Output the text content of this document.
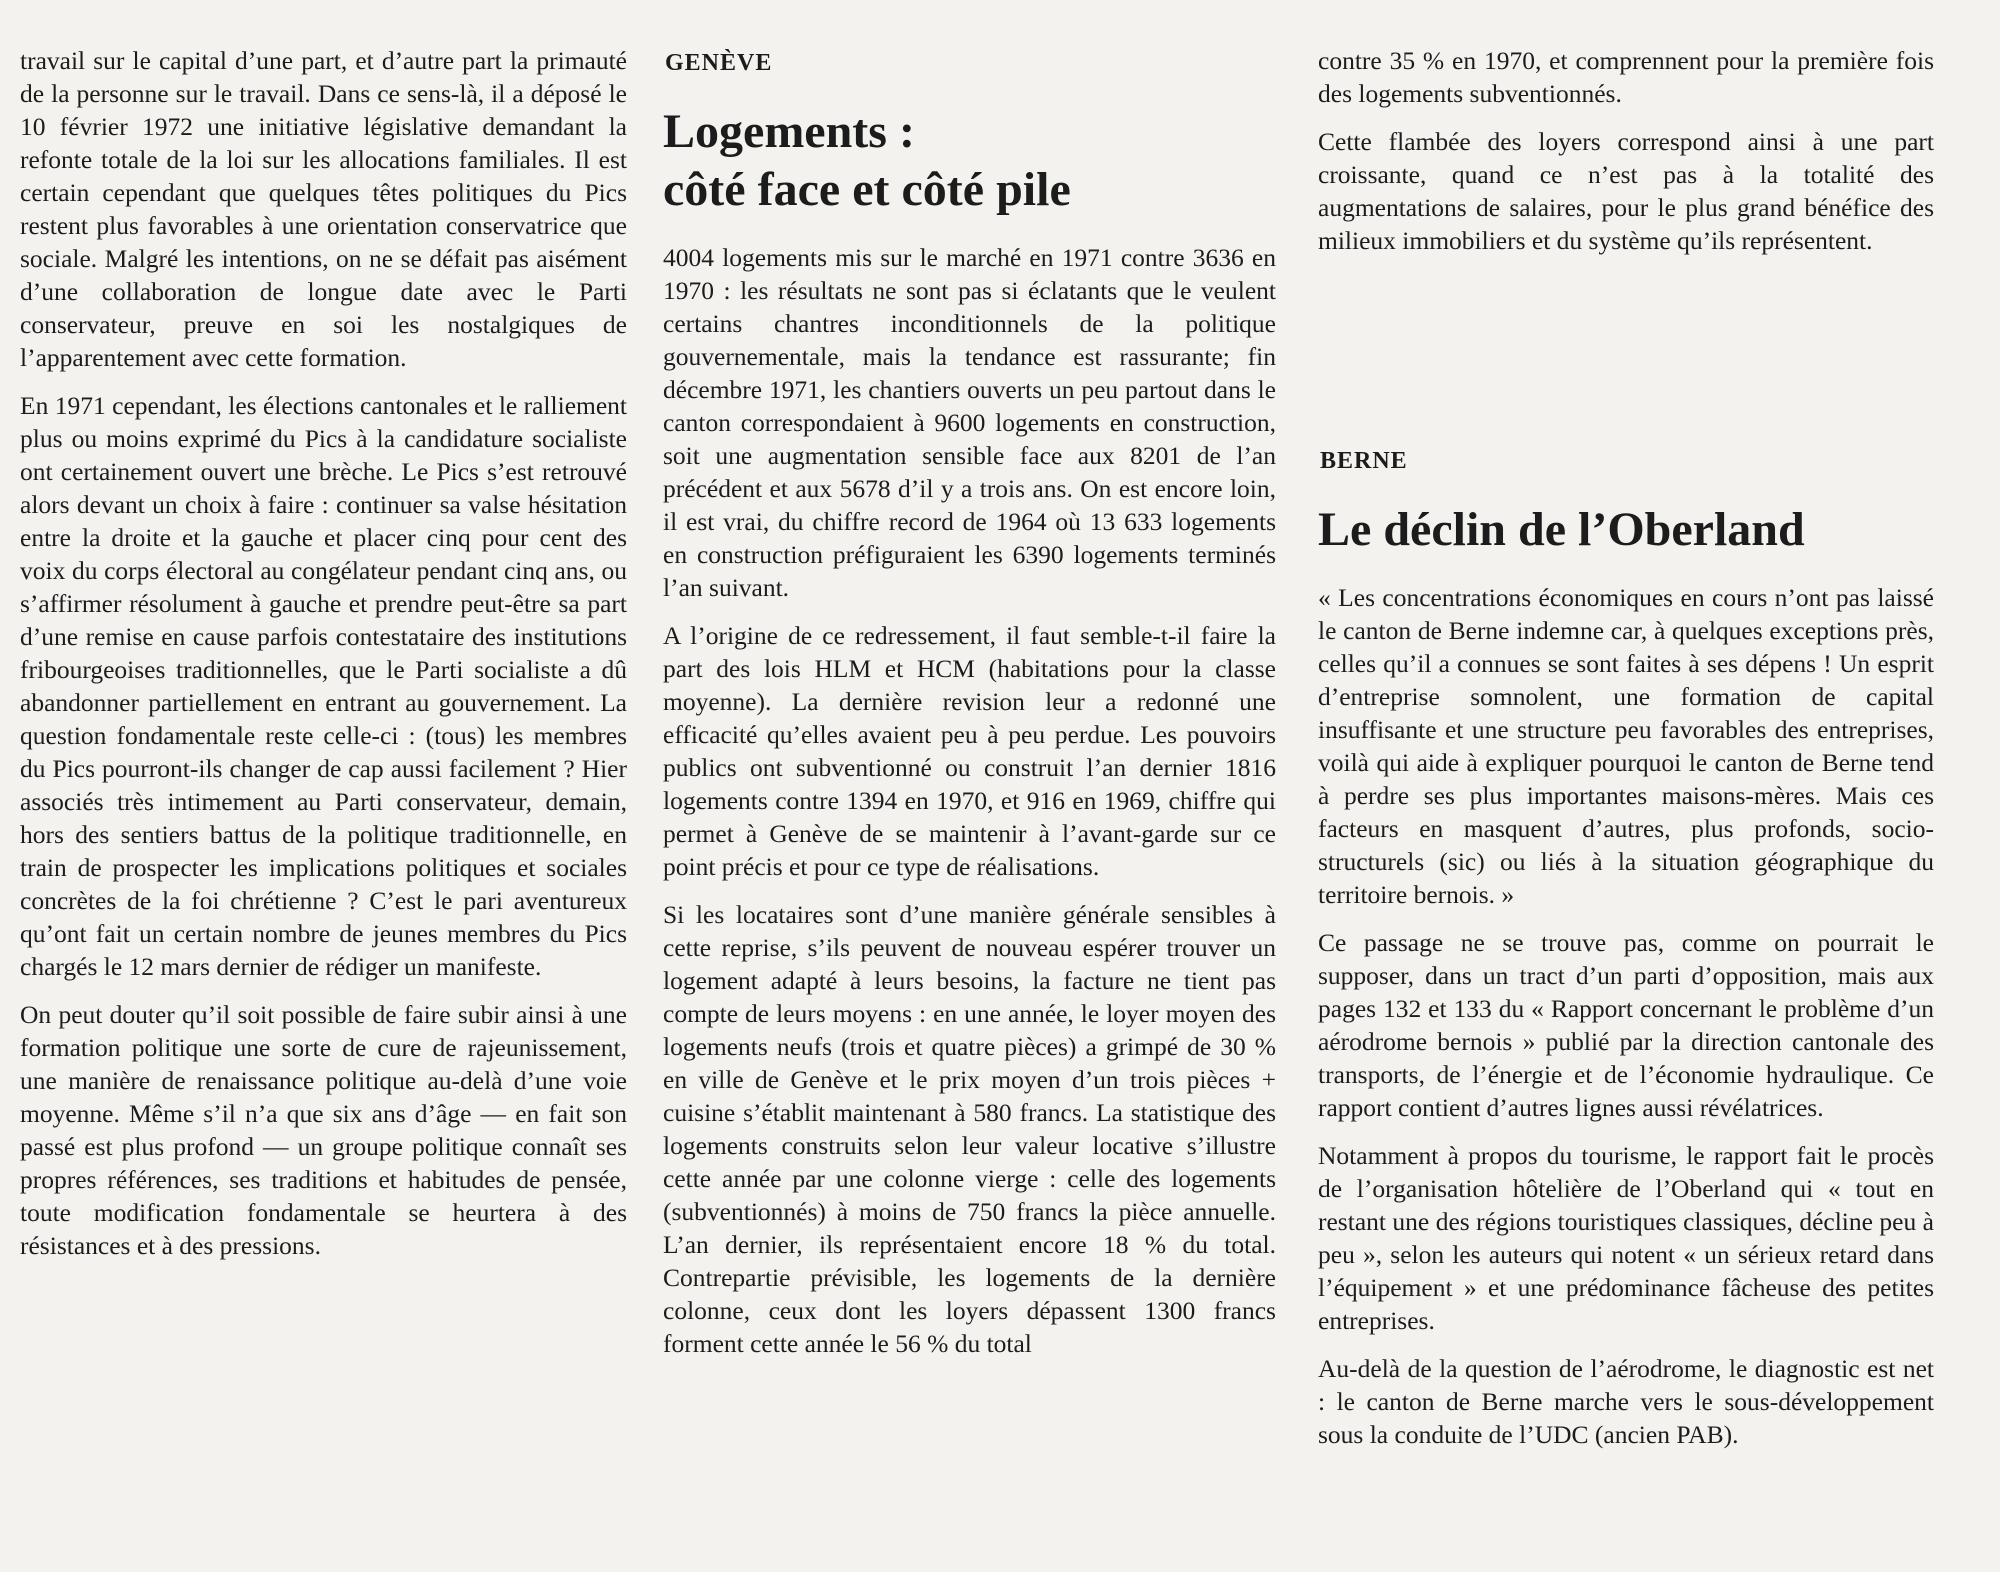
travail sur le capital d’une part, et d’autre part la primauté de la personne sur le travail. Dans ce sens-là, il a déposé le 10 février 1972 une initiative législative demandant la refonte totale de la loi sur les allocations familiales. Il est certain cependant que quelques têtes politiques du Pics restent plus favorables à une orientation conservatrice que sociale. Malgré les intentions, on ne se défait pas aisément d’une collaboration de longue date avec le Parti conservateur, preuve en soi les nostalgiques de l’apparentement avec cette formation.

En 1971 cependant, les élections cantonales et le ralliement plus ou moins exprimé du Pics à la candidature socialiste ont certainement ouvert une brèche. Le Pics s’est retrouvé alors devant un choix à faire : continuer sa valse hésitation entre la droite et la gauche et placer cinq pour cent des voix du corps électoral au congélateur pendant cinq ans, ou s’affirmer résolument à gauche et prendre peut-être sa part d’une remise en cause parfois contestataire des institutions fribourgeoises traditionnelles, que le Parti socialiste a dû abandonner partiellement en entrant au gouvernement. La question fondamentale reste celle-ci : (tous) les membres du Pics pourront-ils changer de cap aussi facilement ? Hier associés très intimement au Parti conservateur, demain, hors des sentiers battus de la politique traditionnelle, en train de prospecter les implications politiques et sociales concrètes de la foi chrétienne ? C’est le pari aventureux qu’ont fait un certain nombre de jeunes membres du Pics chargés le 12 mars dernier de rédiger un manifeste.

On peut douter qu’il soit possible de faire subir ainsi à une formation politique une sorte de cure de rajeunissement, une manière de renaissance politique au-delà d’une voie moyenne. Même s’il n’a que six ans d’âge — en fait son passé est plus profond — un groupe politique connaît ses propres références, ses traditions et habitudes de pensée, toute modification fondamentale se heurtera à des résistances et à des pressions.

GENÈVE
Logements :
côté face et côté pile

4004 logements mis sur le marché en 1971 contre 3636 en 1970 : les résultats ne sont pas si éclatants que le veulent certains chantres inconditionnels de la politique gouvernementale, mais la tendance est rassurante; fin décembre 1971, les chantiers ouverts un peu partout dans le canton correspondaient à 9600 logements en construction, soit une augmentation sensible face aux 8201 de l’an précédent et aux 5678 d’il y a trois ans. On est encore loin, il est vrai, du chiffre record de 1964 où 13 633 logements en construction préfiguraient les 6390 logements terminés l’an suivant.

A l’origine de ce redressement, il faut semble-t-il faire la part des lois HLM et HCM (habitations pour la classe moyenne). La dernière revision leur a redonné une efficacité qu’elles avaient peu à peu perdue. Les pouvoirs publics ont subventionné ou construit l’an dernier 1816 logements contre 1394 en 1970, et 916 en 1969, chiffre qui permet à Genève de se maintenir à l’avant-garde sur ce point précis et pour ce type de réalisations.

Si les locataires sont d’une manière générale sensibles à cette reprise, s’ils peuvent de nouveau espérer trouver un logement adapté à leurs besoins, la facture ne tient pas compte de leurs moyens : en une année, le loyer moyen des logements neufs (trois et quatre pièces) a grimpé de 30 % en ville de Genève et le prix moyen d’un trois pièces + cuisine s’établit maintenant à 580 francs. La statistique des logements construits selon leur valeur locative s’illustre cette année par une colonne vierge : celle des logements (subventionnés) à moins de 750 francs la pièce annuelle. L’an dernier, ils représentaient encore 18 % du total. Contrepartie prévisible, les logements de la dernière colonne, ceux dont les loyers dépassent 1300 francs forment cette année le 56 % du total

contre 35 % en 1970, et comprennent pour la première fois des logements subventionnés.

Cette flambée des loyers correspond ainsi à une part croissante, quand ce n’est pas à la totalité des augmentations de salaires, pour le plus grand bénéfice des milieux immobiliers et du système qu’ils représentent.

BERNE
Le déclin de l’Oberland

« Les concentrations économiques en cours n’ont pas laissé le canton de Berne indemne car, à quelques exceptions près, celles qu’il a connues se sont faites à ses dépens ! Un esprit d’entreprise somnolent, une formation de capital insuffisante et une structure peu favorables des entreprises, voilà qui aide à expliquer pourquoi le canton de Berne tend à perdre ses plus importantes maisons-mères. Mais ces facteurs en masquent d’autres, plus profonds, socio-structurels (sic) ou liés à la situation géographique du territoire bernois. »

Ce passage ne se trouve pas, comme on pourrait le supposer, dans un tract d’un parti d’opposition, mais aux pages 132 et 133 du « Rapport concernant le problème d’un aérodrome bernois » publié par la direction cantonale des transports, de l’énergie et de l’économie hydraulique. Ce rapport contient d’autres lignes aussi révélatrices.

Notamment à propos du tourisme, le rapport fait le procès de l’organisation hôtelière de l’Oberland qui « tout en restant une des régions touristiques classiques, décline peu à peu », selon les auteurs qui notent « un sérieux retard dans l’équipement » et une prédominance fâcheuse des petites entreprises.

Au-delà de la question de l’aérodrome, le diagnostic est net : le canton de Berne marche vers le sous-développement sous la conduite de l’UDC (ancien PAB).
